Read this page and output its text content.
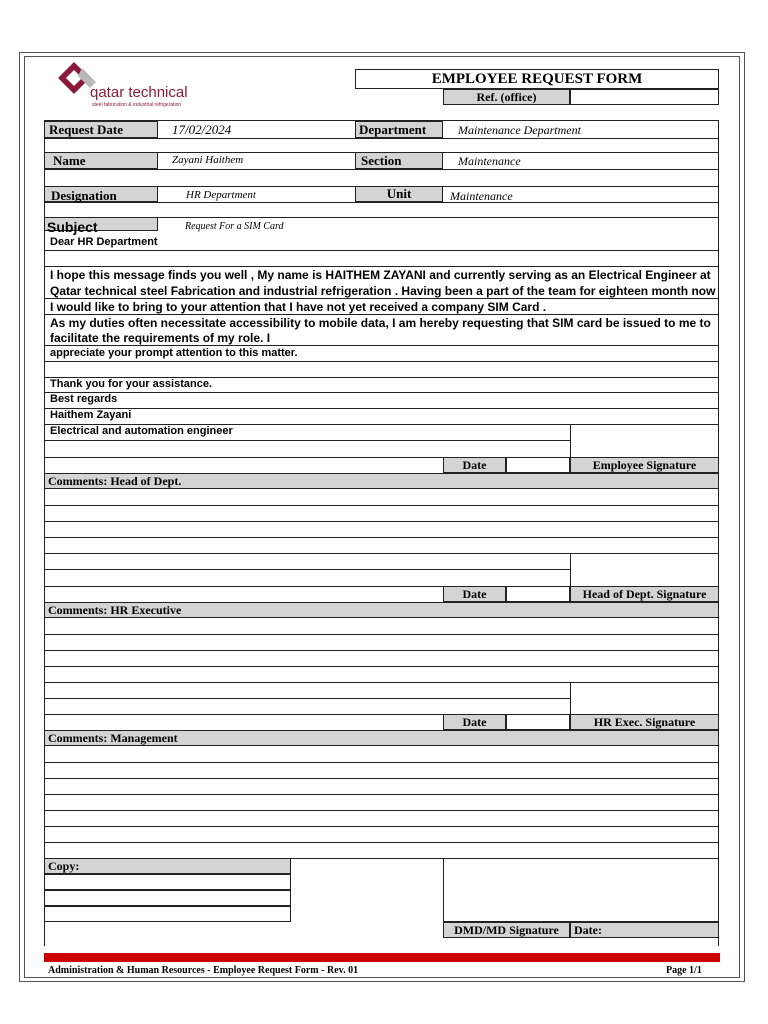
qatar technical
steel fabrication & industrial refrigeration
EMPLOYEE REQUEST FORM
Ref. (office)
Request Date	17/02/2024	Department	Maintenance Department
Name	Zayani Haithem	Section	Maintenance
Designation	HR Department	Unit	Maintenance
Subject	Request For a SIM Card
Dear HR Department
I hope this message finds you well , My name is HAITHEM ZAYANI and currently serving as an Electrical Engineer at
Qatar technical steel Fabrication and industrial refrigeration . Having been a part of the team for eighteen month now
I would like to bring to your attention that I have not yet received a company SIM Card .
As my duties often necessitate accessibility to mobile data, I am hereby requesting that SIM card be issued to me to
facilitate the requirements of my role. I
appreciate your prompt attention to this matter.
Thank you for your assistance.
Best regards
Haithem Zayani
Electrical and automation engineer
Date	Employee Signature
Comments: Head of Dept.
Date	Head of Dept. Signature
Comments: HR Executive
Date	HR Exec. Signature
Comments: Management
Copy:
DMD/MD Signature	Date:
Administration & Human Resources - Employee Request Form - Rev. 01	Page 1/1
